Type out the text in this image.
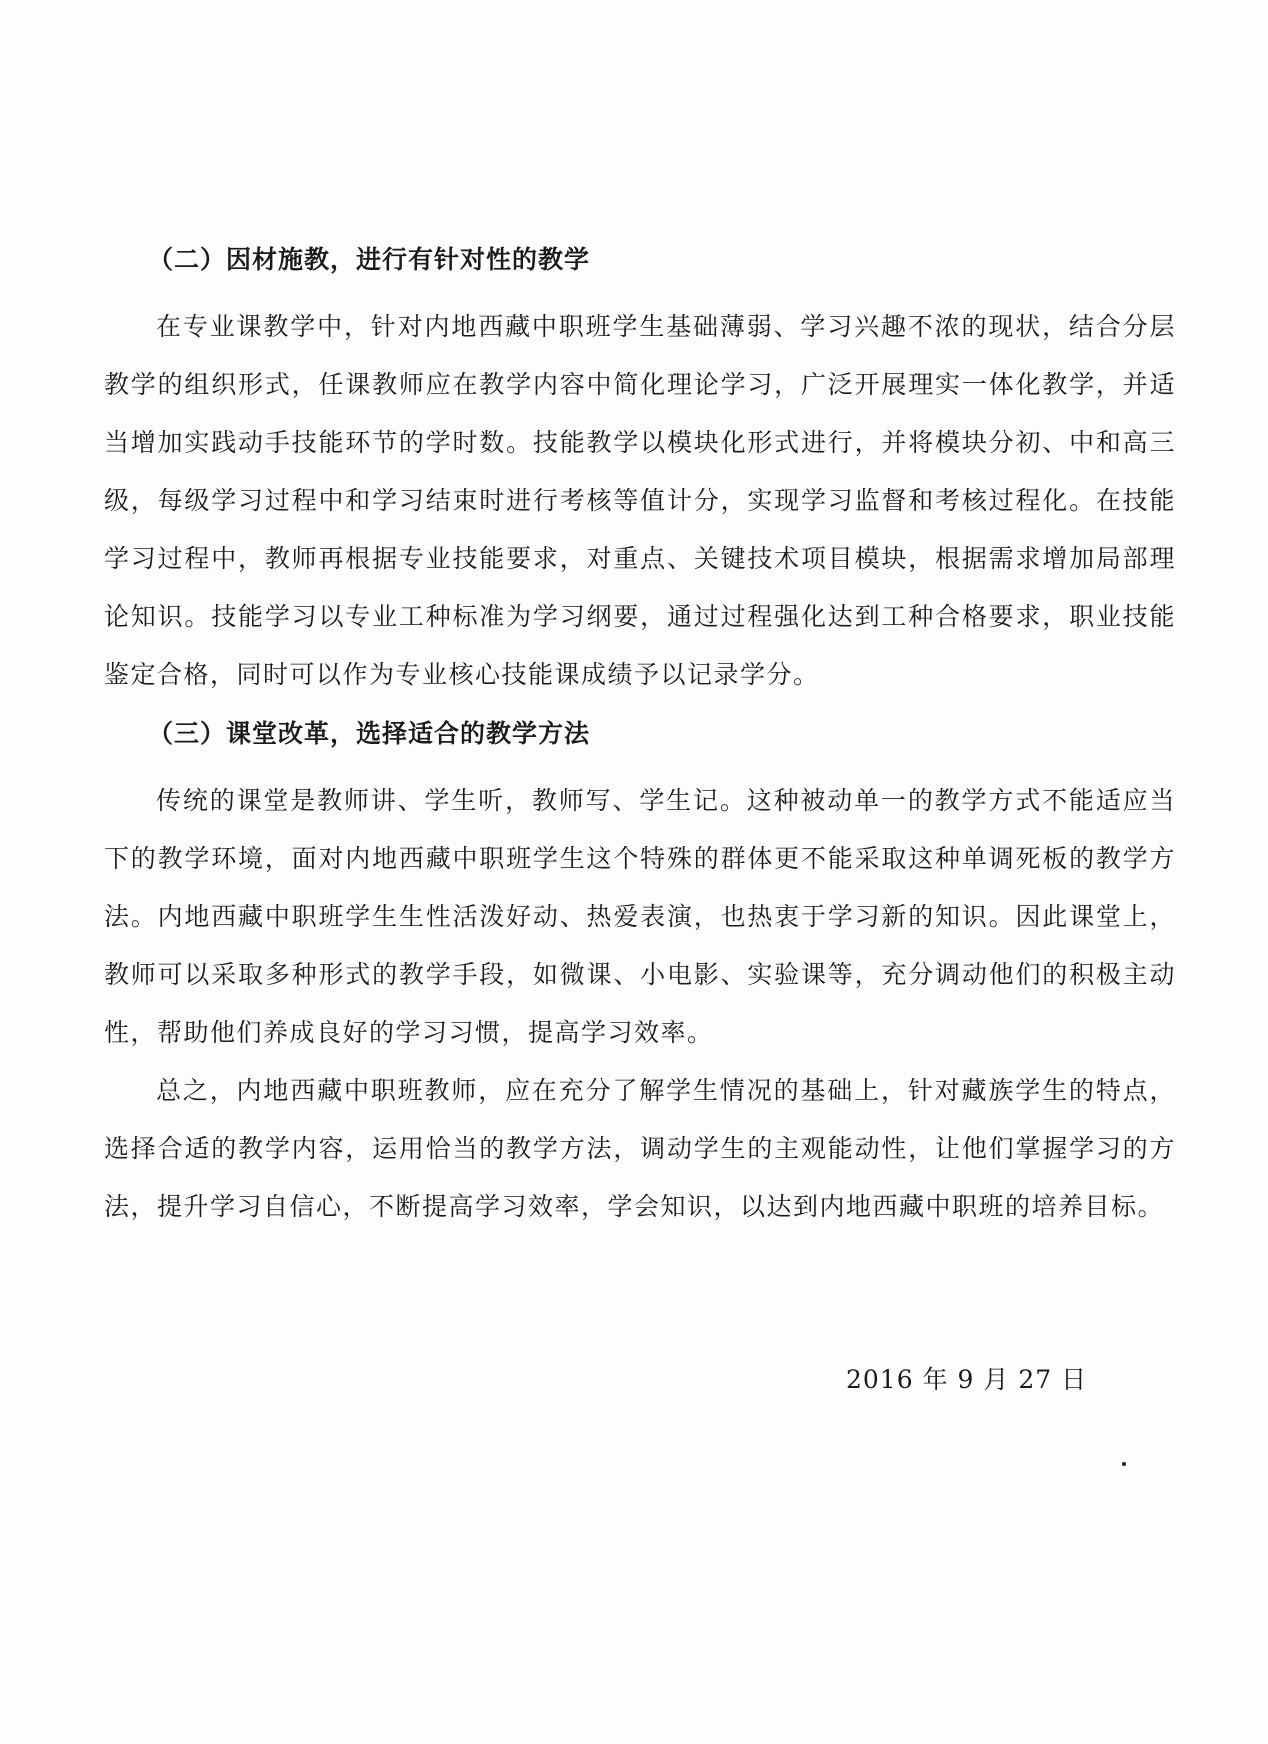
（二）因材施教，进行有针对性的教学

在专业课教学中，针对内地西藏中职班学生基础薄弱、学习兴趣不浓的现状，结合分层教学的组织形式，任课教师应在教学内容中简化理论学习，广泛开展理实一体化教学，并适当增加实践动手技能环节的学时数。技能教学以模块化形式进行，并将模块分初、中和高三级，每级学习过程中和学习结束时进行考核等值计分，实现学习监督和考核过程化。在技能学习过程中，教师再根据专业技能要求，对重点、关键技术项目模块，根据需求增加局部理论知识。技能学习以专业工种标准为学习纲要，通过过程强化达到工种合格要求，职业技能鉴定合格，同时可以作为专业核心技能课成绩予以记录学分。

（三）课堂改革，选择适合的教学方法

传统的课堂是教师讲、学生听，教师写、学生记。这种被动单一的教学方式不能适应当下的教学环境，面对内地西藏中职班学生这个特殊的群体更不能采取这种单调死板的教学方法。内地西藏中职班学生生性活泼好动、热爱表演，也热衷于学习新的知识。因此课堂上，教师可以采取多种形式的教学手段，如微课、小电影、实验课等，充分调动他们的积极主动性，帮助他们养成良好的学习习惯，提高学习效率。

总之，内地西藏中职班教师，应在充分了解学生情况的基础上，针对藏族学生的特点，选择合适的教学内容，运用恰当的教学方法，调动学生的主观能动性，让他们掌握学习的方法，提升学习自信心，不断提高学习效率，学会知识，以达到内地西藏中职班的培养目标。

2016 年 9 月 27 日
